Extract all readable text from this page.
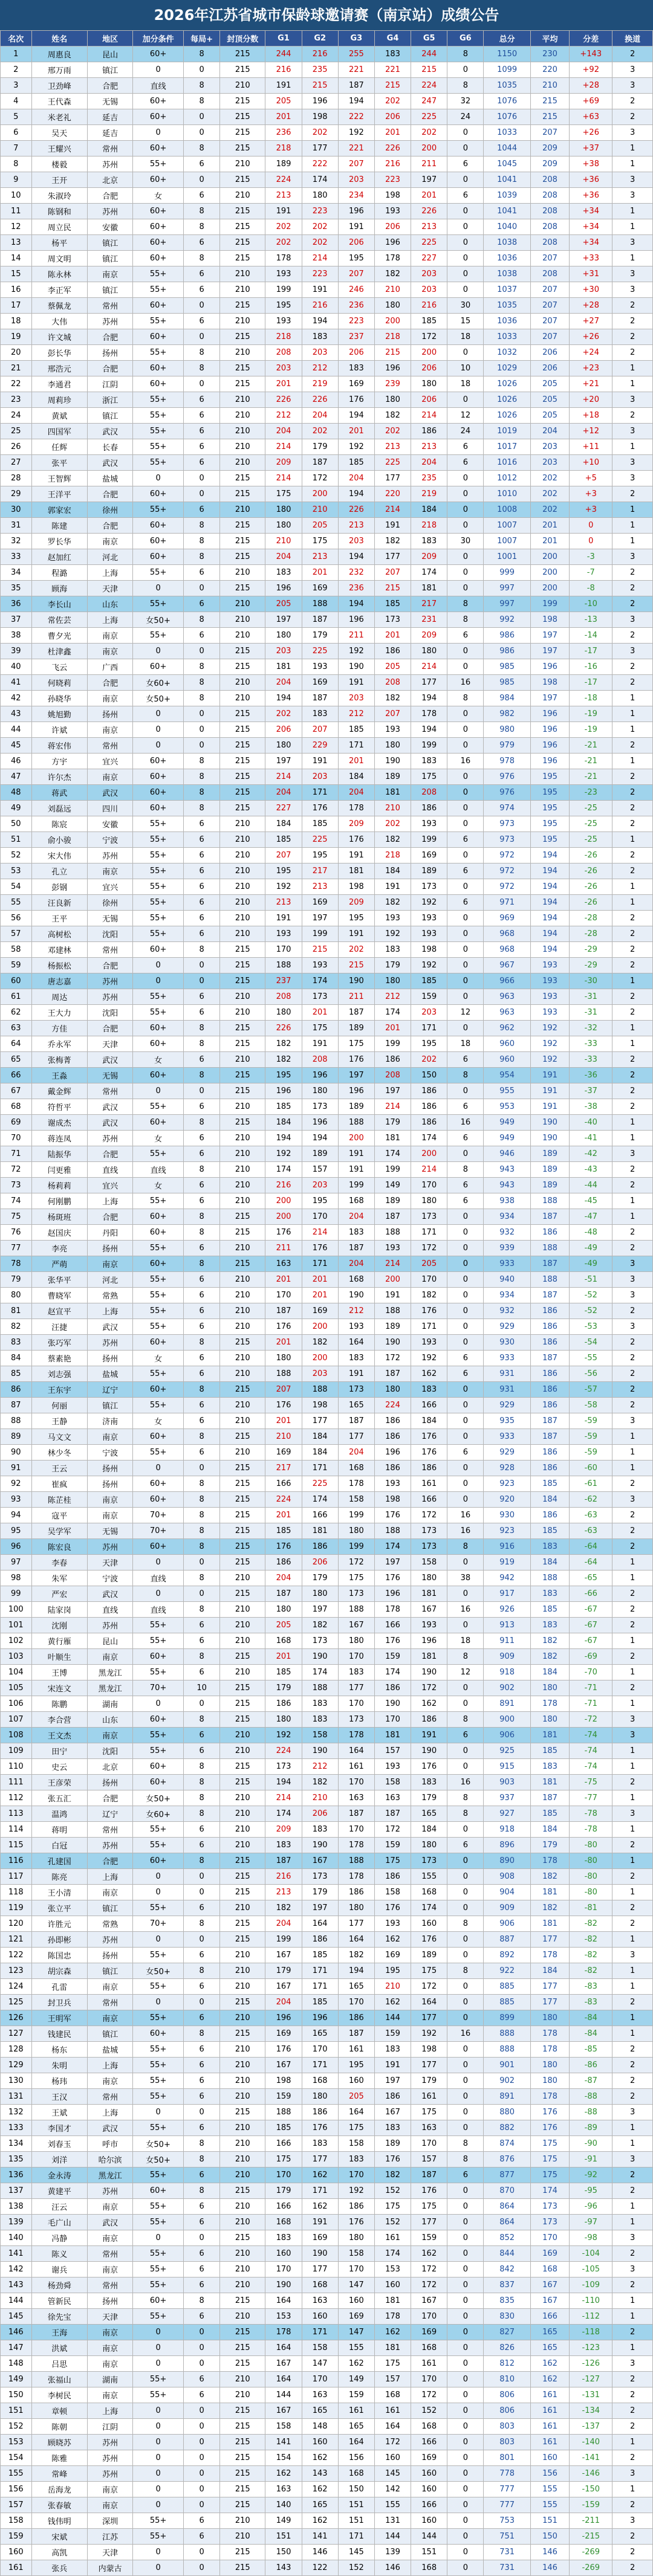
2026年江苏省城市保龄球邀请赛（南京站）成绩公告
名次	姓名	地区	加分条件	每局+	封顶分数	G1	G2	G3	G4	G5	G6	总分	平均	分差	换道
1	周惠良	昆山	60+	8	215	244	216	255	183	244	8	1150	230	+143	2
2	邢万雨	镇江	0	0	215	216	235	221	221	215	0	1099	220	+92	3
3	卫劲峰	合肥	直线	8	210	191	215	187	215	224	8	1035	210	+28	3
4	王代森	无锡	60+	8	215	205	196	194	202	247	32	1076	215	+69	2
5	米老礼	延吉	60+	0	215	201	198	222	206	225	24	1076	215	+63	2
6	吴天	延吉	0	0	215	236	202	192	201	202	0	1033	207	+26	3
7	王耀兴	常州	60+	8	215	218	177	221	226	200	0	1044	209	+37	1
8	楼毅	苏州	55+	6	210	189	222	207	216	211	6	1045	209	+38	1
9	王开	北京	60+	0	215	224	174	203	223	197	0	1041	208	+36	3
10	朱淑玲	合肥	女	6	210	213	180	234	198	201	6	1039	208	+36	3
11	陈钢和	苏州	60+	8	215	191	223	196	193	226	0	1041	208	+34	1
12	周立民	安徽	60+	8	215	202	202	191	206	213	0	1040	208	+34	1
13	杨平	镇江	60+	6	215	202	202	206	196	225	0	1038	208	+34	3
14	周文明	镇江	60+	8	215	178	214	195	178	227	0	1036	207	+33	1
15	陈永林	南京	55+	6	210	193	223	207	182	203	0	1038	208	+31	3
16	李正军	镇江	55+	6	210	199	191	246	210	203	0	1037	207	+30	3
17	蔡佩龙	常州	60+	0	215	195	216	236	180	216	30	1035	207	+28	2
18	大伟	苏州	55+	6	210	193	194	223	200	185	15	1036	207	+27	2
19	许文城	合肥	60+	0	215	218	183	237	218	172	18	1033	207	+26	2
20	彭长华	扬州	55+	8	210	208	203	206	215	200	0	1032	206	+24	2
21	邢浩元	合肥	60+	8	215	203	212	183	196	206	10	1029	206	+23	1
22	李通君	江阴	60+	0	215	201	219	169	239	180	18	1026	205	+21	1
23	周莉珍	浙江	55+	6	210	226	226	176	180	206	0	1026	205	+20	3
24	黄斌	镇江	55+	6	210	212	204	194	182	214	12	1026	205	+18	2
25	四国军	武汉	55+	6	210	204	202	201	202	186	24	1019	204	+12	3
26	任辉	长春	55+	6	210	214	179	192	213	213	6	1017	203	+11	1
27	张平	武汉	55+	6	210	209	187	185	225	204	6	1016	203	+10	3
28	王智辉	盐城	0	0	215	214	172	204	177	235	0	1012	202	+5	3
29	王洋平	合肥	60+	0	215	175	200	194	220	219	0	1010	202	+3	2
30	郭家宏	徐州	55+	6	210	180	210	226	214	184	0	1008	202	+3	1
31	陈建	合肥	60+	8	215	180	205	213	191	218	0	1007	201	0	1
32	罗长华	南京	60+	8	215	210	175	203	182	183	30	1007	201	0	1
33	赵加红	河北	60+	8	215	204	213	194	177	209	0	1001	200	-3	3
34	程潞	上海	55+	6	210	183	201	232	207	174	0	999	200	-7	2
35	顾海	天津	0	0	215	196	169	236	215	181	0	997	200	-8	2
36	李长山	山东	55+	6	210	205	188	194	185	217	8	997	199	-10	2
37	常佐芸	上海	女50+	8	210	197	187	196	173	231	8	992	198	-13	3
38	曹夕光	南京	55+	6	210	180	179	211	201	209	6	986	197	-14	2
39	杜津鑫	南京	0	0	215	203	225	192	186	180	0	986	197	-17	3
40	飞云	广西	60+	8	215	181	193	190	205	214	0	985	196	-16	2
41	何晓莉	合肥	女60+	8	210	204	169	191	208	177	16	985	198	-17	2
42	孙晓华	南京	女50+	8	210	194	187	203	182	194	8	984	197	-18	1
43	姚旭勤	扬州	0	0	215	202	183	212	207	178	0	982	196	-19	1
44	许斌	南京	0	0	215	206	207	185	193	194	0	980	196	-19	1
45	蒋宏伟	常州	0	0	215	180	229	171	180	199	0	979	196	-21	2
46	方宇	宜兴	60+	8	215	197	191	201	190	183	16	978	196	-21	1
47	许尔杰	南京	60+	8	215	214	203	184	189	175	0	976	195	-21	2
48	蒋武	武汉	60+	8	215	204	171	204	181	208	0	976	195	-23	2
49	刘磊远	四川	60+	8	215	227	176	178	210	186	0	974	195	-25	2
50	陈宸	安徽	55+	6	210	184	185	209	202	193	0	973	195	-25	2
51	俞小骏	宁波	55+	6	210	185	225	176	182	199	6	973	195	-25	1
52	宋大伟	苏州	55+	6	210	207	195	191	218	169	0	972	194	-26	2
53	孔立	南京	55+	6	210	195	217	181	184	189	6	972	194	-26	2
54	彭钢	宜兴	55+	6	210	192	213	198	191	173	0	972	194	-26	1
55	汪良新	徐州	55+	6	210	213	169	209	182	192	6	971	194	-26	1
56	王平	无锡	55+	6	210	191	197	195	193	193	0	969	194	-28	2
57	高树松	沈阳	55+	6	210	193	199	191	192	193	0	968	194	-28	2
58	邓建林	常州	60+	8	215	170	215	202	183	198	0	968	194	-29	2
59	杨振松	合肥	0	0	215	188	193	215	179	192	0	967	193	-29	2
60	唐志嘉	苏州	0	0	215	237	174	190	180	185	0	966	193	-30	1
61	周达	苏州	55+	6	210	208	173	211	212	159	0	963	193	-31	2
62	王大力	沈阳	55+	6	210	180	201	187	174	203	12	963	193	-31	2
63	方佳	合肥	60+	8	215	226	175	189	201	171	0	962	192	-32	1
64	乔永军	天津	60+	8	215	182	191	175	199	195	18	960	192	-33	1
65	张梅菁	武汉	女	6	210	182	208	176	186	202	6	960	192	-33	2
66	王淼	无锡	60+	8	215	195	196	197	208	150	8	954	191	-36	2
67	戴金辉	常州	0	0	215	196	180	196	197	186	0	955	191	-37	2
68	符哲平	武汉	55+	6	210	185	173	189	214	186	6	953	191	-38	2
69	谢成杰	武汉	60+	8	215	184	196	188	179	186	16	949	190	-40	1
70	蒋连凤	苏州	女	6	210	194	194	200	181	174	6	949	190	-41	1
71	陆振华	合肥	55+	6	210	192	189	191	174	200	0	946	189	-42	3
72	闫更雅	直线	直线	8	210	174	157	191	199	214	8	943	189	-43	2
73	杨莉莉	宜兴	女	6	210	216	203	199	149	170	6	943	189	-44	2
74	何刚鹏	上海	55+	6	210	200	195	168	189	180	6	938	188	-45	1
75	杨斑班	合肥	60+	8	215	200	170	204	187	173	0	934	187	-47	1
76	赵国庆	丹阳	60+	8	215	176	214	183	188	171	0	932	186	-48	2
77	李亮	扬州	55+	6	210	211	176	187	193	172	0	939	188	-49	2
78	严萌	南京	60+	8	215	163	171	204	214	205	0	933	187	-49	3
79	张华平	河北	55+	6	210	201	201	168	200	170	0	940	188	-51	3
80	曹晓军	常熟	55+	6	210	170	201	190	191	182	0	934	187	-52	3
81	赵宣平	上海	55+	6	210	187	169	212	188	176	0	932	186	-52	2
82	汪捷	武汉	55+	6	210	176	200	193	189	171	0	929	186	-53	3
83	张巧军	苏州	60+	8	215	201	182	164	190	193	0	930	186	-54	2
84	蔡素艳	扬州	女	6	210	180	200	183	172	192	6	933	187	-55	2
85	刘志强	盐城	55+	6	210	188	203	191	187	162	6	931	186	-56	2
86	王东宇	辽宁	60+	8	215	207	188	173	180	183	0	931	186	-57	2
87	何丽	镇江	55+	6	210	176	198	165	224	166	0	929	186	-58	2
88	王静	济南	女	6	210	201	177	187	186	184	0	935	187	-59	3
89	马文文	南京	60+	8	215	210	184	177	186	176	0	933	187	-59	1
90	林少冬	宁波	55+	6	210	169	184	204	196	176	6	929	186	-59	1
91	王云	扬州	0	0	215	217	171	168	186	186	0	928	186	-60	1
92	崔疯	扬州	60+	8	215	166	225	178	193	161	0	923	185	-61	2
93	陈芷桂	南京	60+	8	215	224	174	158	198	166	0	920	184	-62	3
94	寇平	南京	70+	8	215	201	166	199	176	172	16	930	186	-63	2
95	吴学军	无锡	70+	8	215	185	181	180	188	173	16	923	185	-63	2
96	陈宏良	苏州	60+	8	215	176	186	199	174	173	8	916	183	-64	2
97	李春	天津	0	0	215	186	206	172	197	158	0	919	184	-64	1
98	朱军	宁波	直线	8	210	204	179	175	176	180	38	942	188	-65	1
99	严宏	武汉	0	0	215	187	180	173	196	181	0	917	183	-66	2
100	陆家岗	直线	直线	8	210	180	197	188	178	167	16	926	185	-67	2
101	沈刚	苏州	55+	6	210	205	182	167	166	193	0	913	183	-67	2
102	黄行雁	昆山	55+	6	210	168	173	180	176	196	18	911	182	-67	1
103	叶顺生	南京	60+	8	215	201	190	170	159	181	8	909	182	-69	2
104	王博	黑龙江	55+	6	210	185	174	183	174	190	12	918	184	-70	1
105	宋连文	黑龙江	70+	10	215	179	188	177	186	172	0	902	180	-71	2
106	陈鹏	湖南	0	0	215	186	183	170	190	162	0	891	178	-71	1
107	李合营	山东	60+	8	215	180	183	173	170	186	8	900	180	-72	3
108	王文杰	南京	55+	6	210	192	158	178	181	191	6	906	181	-74	3
109	田宁	沈阳	55+	6	210	224	190	164	157	190	0	925	185	-74	1
110	史云	北京	60+	8	215	173	212	161	193	176	0	915	183	-74	1
111	王彦荣	扬州	60+	8	215	194	182	170	158	183	16	903	181	-75	2
112	张五汇	合肥	女50+	8	210	214	210	163	163	179	8	937	187	-77	1
113	温鸿	辽宁	女60+	8	210	174	206	187	187	165	8	927	185	-78	3
114	蒋明	常州	55+	6	210	209	183	170	172	184	0	918	184	-78	1
115	白冠	苏州	55+	6	210	183	190	178	159	180	6	896	179	-80	2
116	孔建国	合肥	60+	8	215	187	167	188	175	173	0	890	178	-80	1
117	陈亮	上海	0	0	215	216	173	178	186	155	0	908	182	-80	2
118	王小清	南京	0	0	215	213	179	186	158	168	0	904	181	-80	1
119	张立平	镇江	55+	6	210	182	197	180	176	174	0	909	182	-81	2
120	许胜元	常熟	70+	8	215	204	164	177	193	160	8	906	181	-82	2
121	孙即彬	苏州	0	0	215	199	186	164	162	176	0	887	177	-82	1
122	陈国忠	扬州	55+	6	210	167	185	182	169	189	0	892	178	-82	3
123	胡宗森	镇江	女50+	8	210	179	171	194	195	175	8	922	184	-82	1
124	孔雷	南京	55+	6	210	167	171	165	210	172	0	885	177	-83	1
125	封卫兵	常州	0	0	215	204	185	170	162	164	0	885	177	-83	2
126	王明军	南京	55+	6	210	196	196	186	144	177	0	899	180	-84	1
127	钱建民	镇江	60+	8	215	169	165	187	159	192	16	888	178	-84	1
128	杨东	盐城	55+	6	210	176	170	161	183	198	0	888	178	-85	2
129	朱明	上海	55+	6	210	167	171	195	191	177	0	901	180	-86	2
130	杨玮	南京	55+	6	210	198	168	160	197	179	0	902	180	-87	2
131	王汉	常州	55+	6	210	159	180	205	186	161	0	891	178	-88	2
132	王斌	上海	0	0	215	188	186	164	167	175	0	880	176	-88	3
133	李国才	武汉	55+	6	210	185	176	175	183	163	0	882	176	-89	1
134	刘春玉	呼市	女50+	8	210	166	183	158	189	170	8	874	175	-90	1
135	刘洋	哈尔滨	女50+	8	210	175	177	183	176	157	8	876	175	-91	3
136	金永涛	黑龙江	55+	6	210	170	162	170	182	187	6	877	175	-92	2
137	黄建平	苏州	60+	8	215	179	171	192	152	176	0	870	174	-95	2
138	汪云	南京	55+	6	210	166	162	186	175	175	0	864	173	-96	1
139	毛广山	武汉	55+	6	210	168	191	176	152	177	0	864	173	-97	1
140	冯静	南京	0	0	215	183	169	180	161	159	0	852	170	-98	3
141	陈义	常州	55+	6	210	160	190	158	174	162	0	844	169	-104	2
142	谢兵	南京	55+	6	210	170	177	170	153	172	0	842	168	-105	3
143	杨劲舜	常州	55+	6	210	190	168	147	160	172	0	837	167	-109	2
144	管新民	扬州	60+	8	215	164	163	160	181	167	0	835	167	-110	1
145	徐先宝	天津	55+	6	210	153	160	169	178	170	0	830	166	-112	1
146	王海	南京	0	0	215	178	171	147	162	169	0	827	165	-118	2
147	洪斌	南京	0	0	215	164	158	155	181	168	0	826	165	-123	1
148	吕思	南京	0	0	215	167	147	162	175	161	0	812	162	-126	3
149	张福山	湖南	55+	6	210	164	170	149	157	170	0	810	162	-127	2
150	李树民	南京	55+	6	210	144	163	159	168	172	0	806	161	-131	2
151	章顿	上海	0	0	215	167	165	161	161	152	0	806	161	-134	2
152	陈朝	江阴	0	0	215	158	148	165	164	168	0	803	161	-137	2
153	顾晓苏	苏州	0	0	215	141	160	164	172	166	0	803	161	-140	1
154	陈雅	苏州	0	0	215	154	162	156	160	169	0	801	160	-141	2
155	常峰	苏州	0	0	215	162	143	168	145	160	0	778	156	-146	3
156	岳海龙	南京	0	0	215	163	162	150	142	160	0	777	155	-150	1
157	张春敏	南京	0	0	215	140	165	151	155	166	0	777	155	-159	2
158	钱伟明	深圳	55+	6	210	149	162	151	131	160	0	753	151	-211	3
159	宋斌	江苏	55+	6	210	151	141	171	144	144	0	751	150	-215	2
160	高凯	天津	0	0	215	150	146	145	139	151	0	731	146	-269	2
161	张兵	内蒙古	0	0	215	143	122	152	146	168	0	731	146	-269	2
